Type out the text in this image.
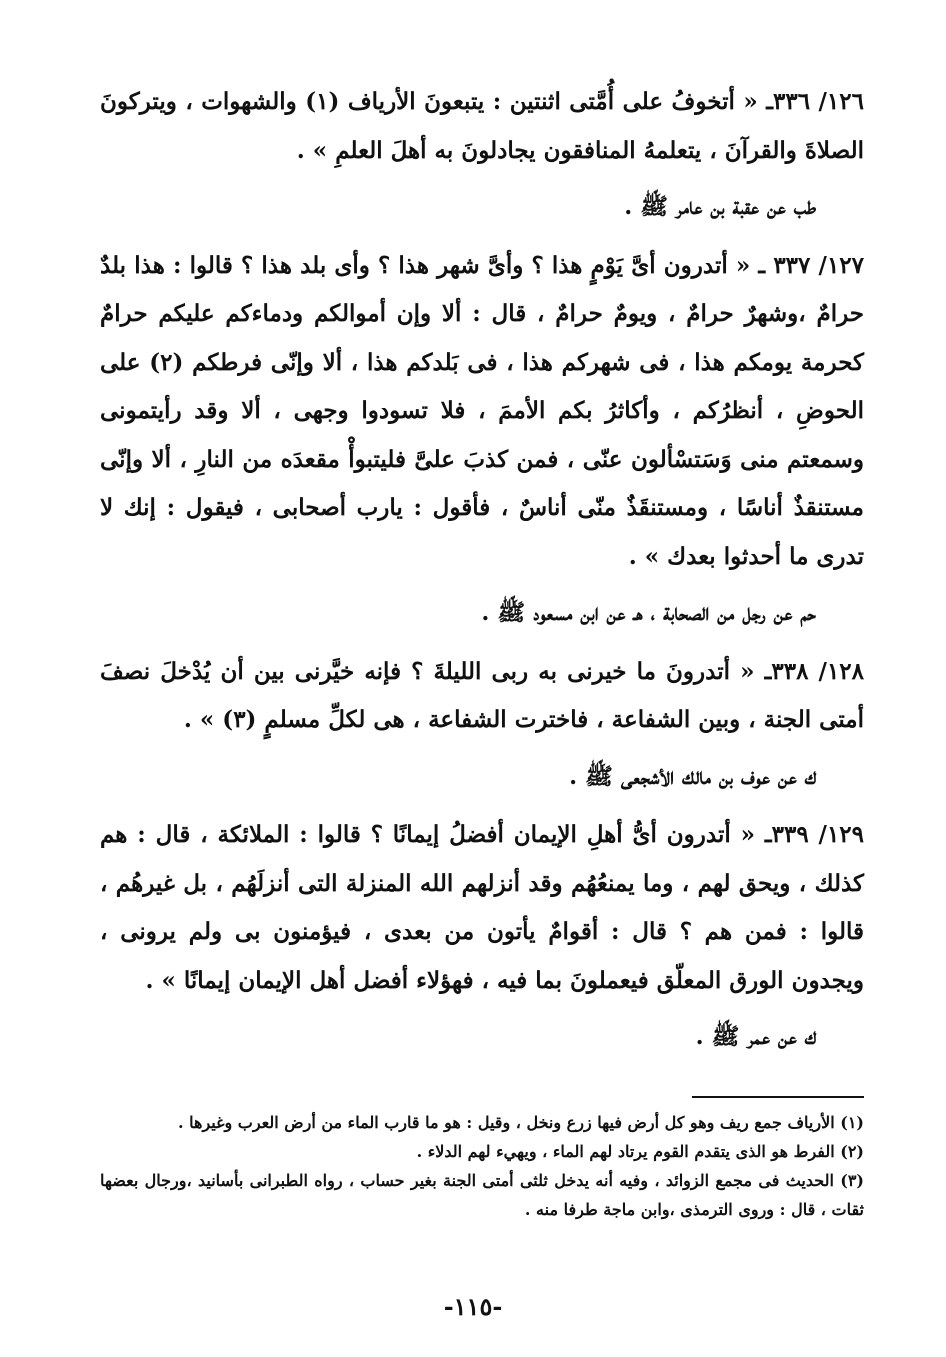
١٢٦/ ٣٣٦ـ « أتخوفُ على أُمَّتى اثنتين : يتبعونَ الأرياف (١) والشهوات ، ويتركونَ الصلاةَ والقرآنَ ، يتعلمهُ المنافقون يجادلونَ به أهلَ العلمِ » .

طب عن عقبة بن عامر ﷺ .

١٢٧/ ٣٣٧ ـ « أتدرون أىَّ يَوْمٍ هذا ؟ وأىَّ شهر هذا ؟ وأى بلد هذا ؟ قالوا : هذا بلدٌ حرامٌ ،وشهرٌ حرامٌ ، ويومٌ حرامٌ ، قال : ألا وإن أموالكم ودماءكم عليكم حرامٌ كحرمة يومكم هذا ، فى شهركم هذا ، فى بَلدكم هذا ، ألا وإنّى فرطكم (٢) على الحوضِ ، أنظرُكم ، وأكاثرُ بكم الأممَ ، فلا تسودوا وجهى ، ألا وقد رأيتمونى وسمعتم منى وَسَتسْألون عنّى ، فمن كذبَ علىَّ فليتبوأْ مقعدَه من النارِ ، ألا وإنّى مستنقذٌ أناسًا ، ومستنقَذٌ منّى أناسٌ ، فأقول : يارب أصحابى ، فيقول : إنك لا تدرى ما أحدثوا بعدك » .

حم عن رجل من الصحابة ، هـ عن ابن مسعود ﷺ .

١٢٨/ ٣٣٨ـ « أتدرونَ ما خيرنى به ربى الليلةَ ؟ فإنه خيَّرنى بين أن يُدْخلَ نصفَ أمتى الجنة ، وبين الشفاعة ، فاخترت الشفاعة ، هى لكلِّ مسلمٍ (٣) » .

ك عن عوف بن مالك الأشجعى ﷺ .

١٢٩/ ٣٣٩ـ « أتدرون أىُّ أهلِ الإيمان أفضلُ إيمانًا ؟ قالوا : الملائكة ، قال : هم كذلك ، ويحق لهم ، وما يمنعُهُم وقد أنزلهم الله المنزلة التى أنزلَهُم ، بل غيرهُم ، قالوا : فمن هم ؟ قال : أقوامٌ يأتون من بعدى ، فيؤمنون بى ولم يرونى ، ويجدون الورق المعلّق فيعملونَ بما فيه ، فهؤلاء أفضل أهل الإيمان إيمانًا » .

ك عن عمر ﷺ .

(١) الأرياف جمع ريف وهو كل أرض فيها زرع ونخل ، وقيل : هو ما قارب الماء من أرض العرب وغيرها .

(٢) الفرط هو الذى يتقدم القوم يرتاد لهم الماء ، ويهيء لهم الدلاء .

(٣) الحديث فى مجمع الزوائد ، وفيه أنه يدخل ثلثى أمتى الجنة بغير حساب ، رواه الطبرانى بأسانيد ،ورجال بعضها ثقات ، قال : وروى الترمذى ،وابن ماجة طرفا منه .

-١١٥-
